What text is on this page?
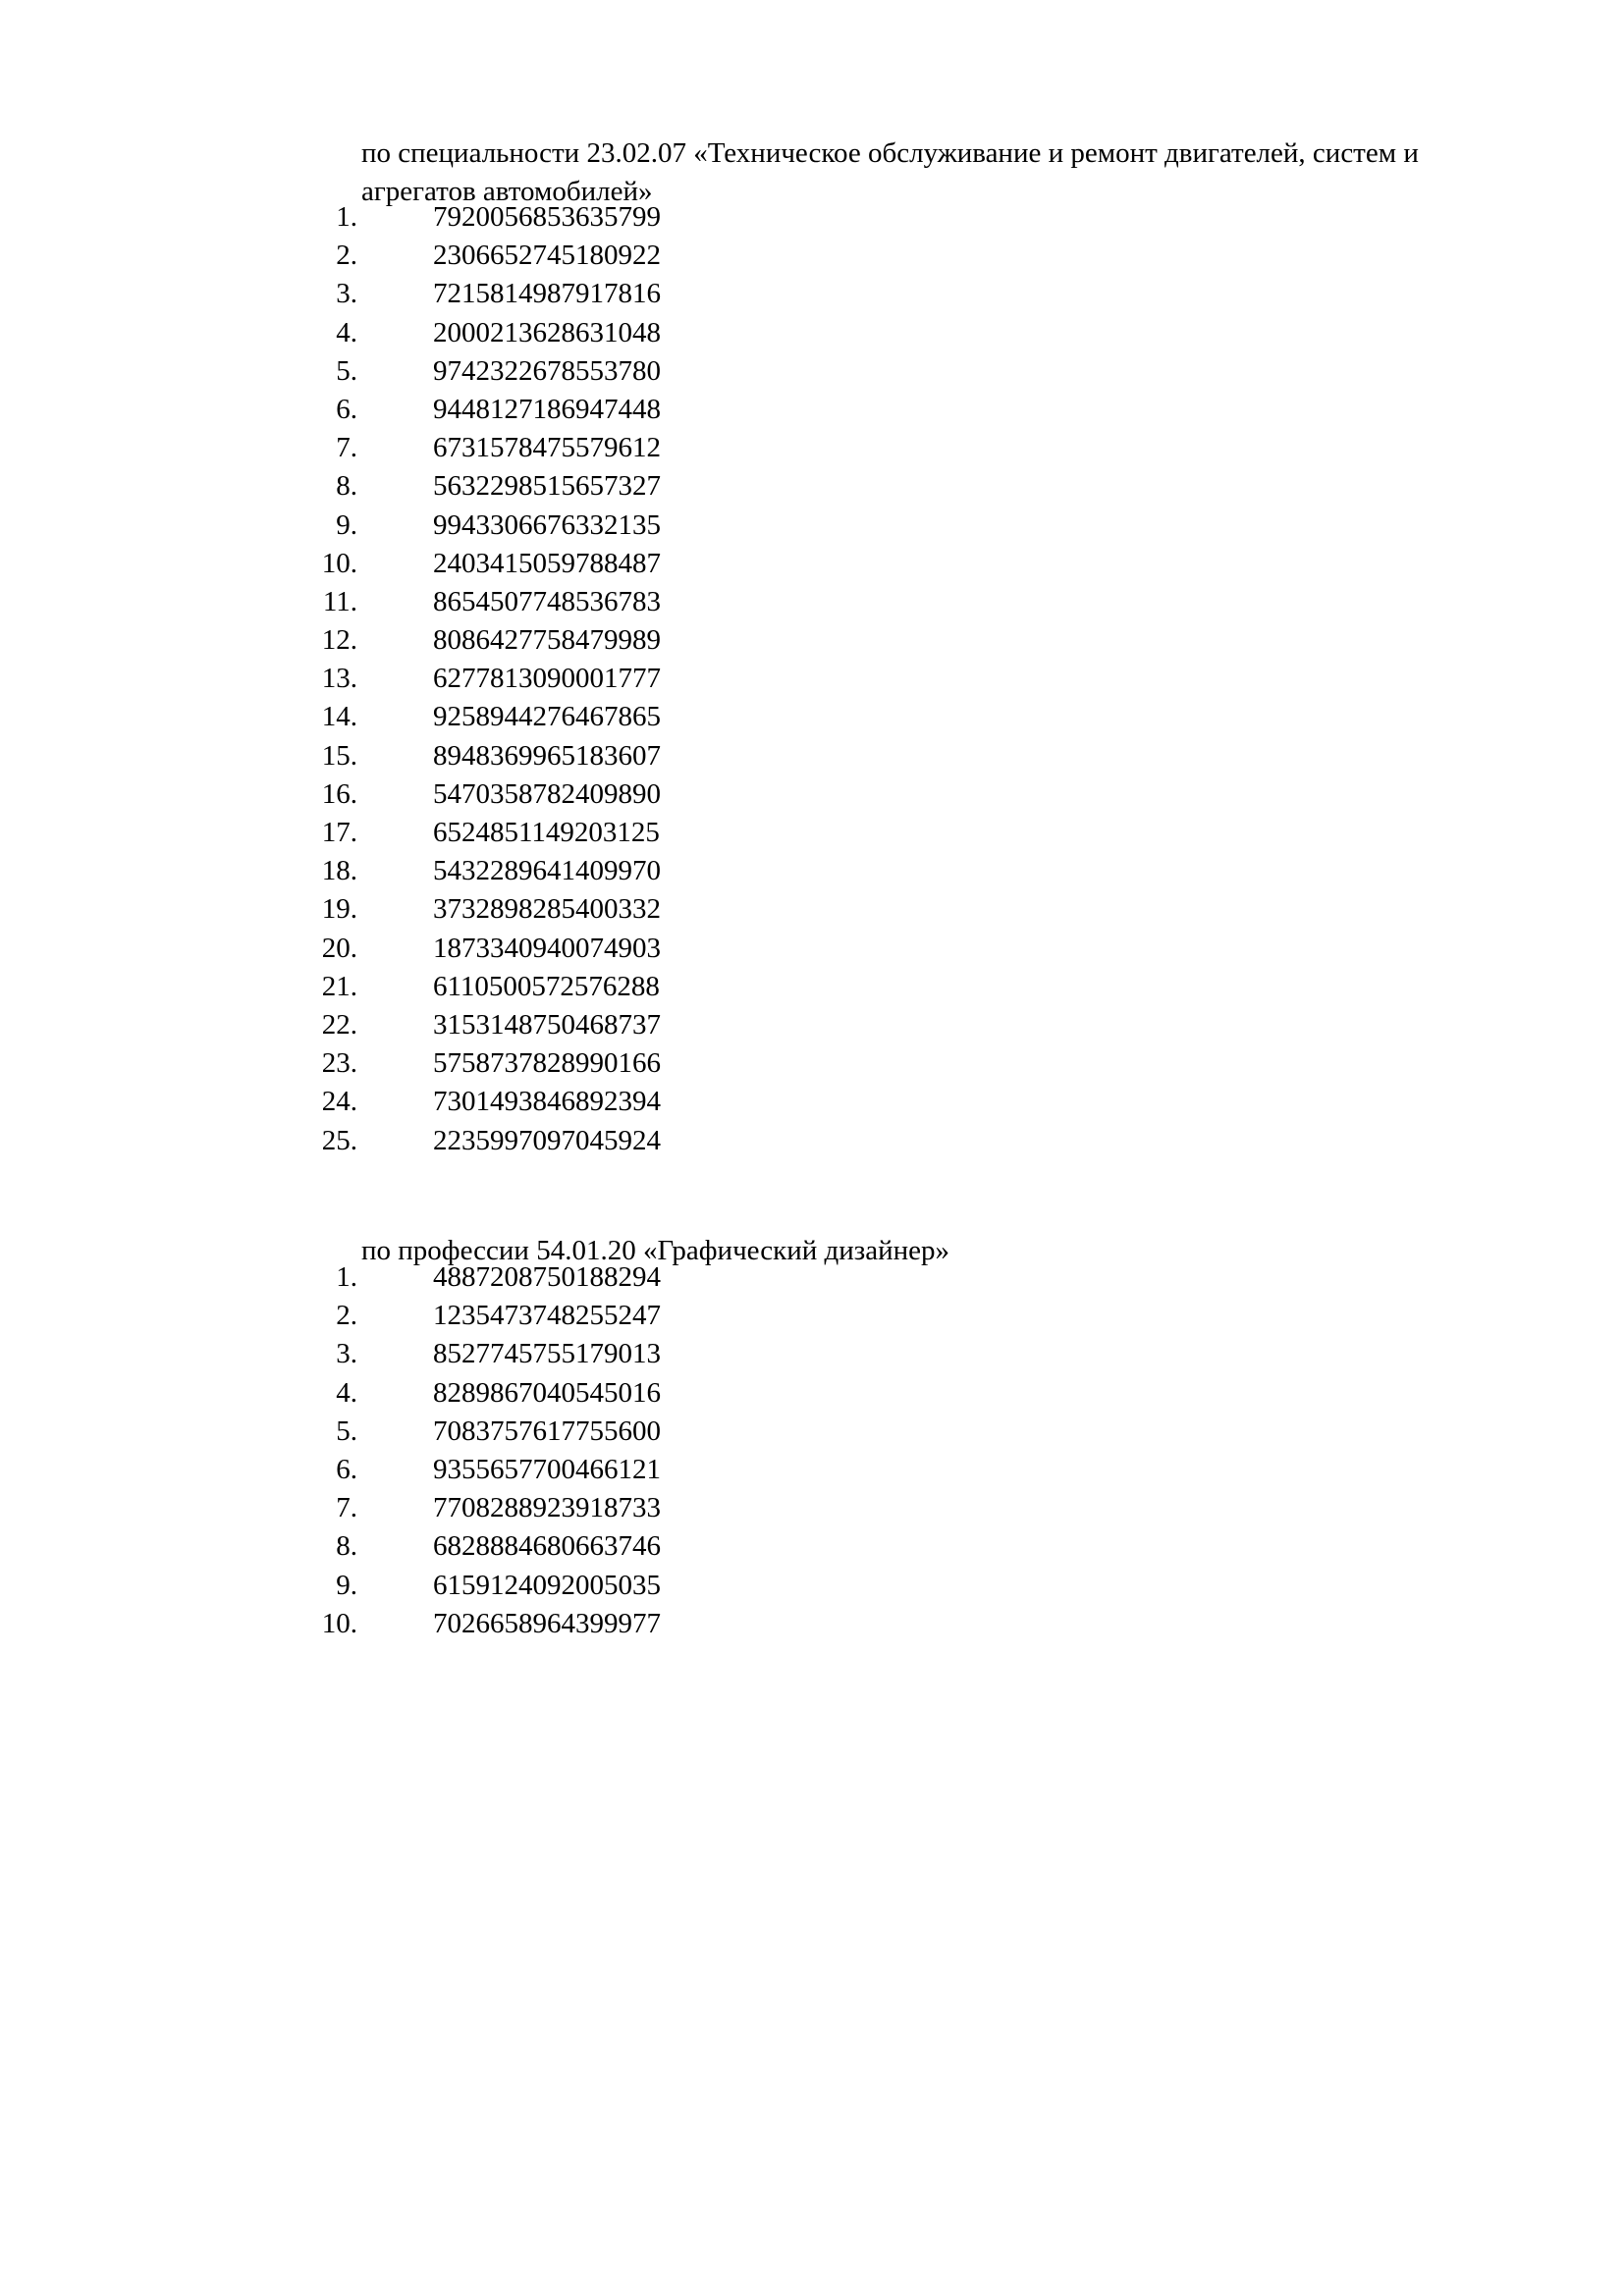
по специальности 23.02.07 «Техническое обслуживание и ремонт двигателей, систем и агрегатов автомобилей»
1.	7920056853635799
2.	2306652745180922
3.	7215814987917816
4.	2000213628631048
5.	9742322678553780
6.	9448127186947448
7.	6731578475579612
8.	5632298515657327
9.	9943306676332135
10.	2403415059788487
11.	8654507748536783
12.	8086427758479989
13.	6277813090001777
14.	9258944276467865
15.	8948369965183607
16.	5470358782409890
17.	6524851149203125
18.	5432289641409970
19.	3732898285400332
20.	1873340940074903
21.	6110500572576288
22.	3153148750468737
23.	5758737828990166
24.	7301493846892394
25.	2235997097045924
по профессии 54.01.20 «Графический дизайнер»
1.	4887208750188294
2.	1235473748255247
3.	8527745755179013
4.	8289867040545016
5.	7083757617755600
6.	9355657700466121
7.	7708288923918733
8.	6828884680663746
9.	6159124092005035
10.	7026658964399977
